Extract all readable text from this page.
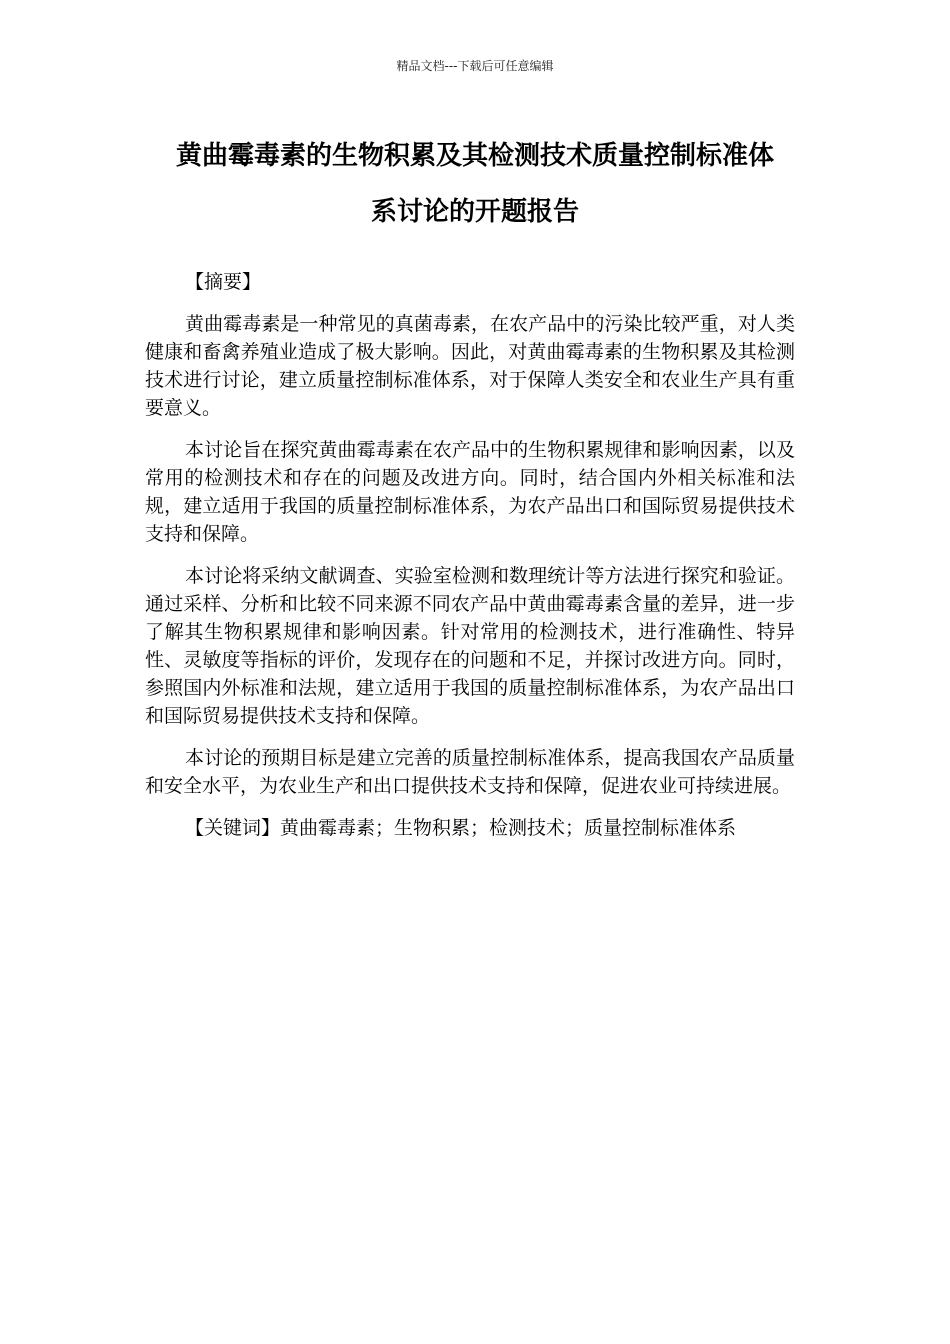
精品文档---下载后可任意编辑
黄曲霉毒素的生物积累及其检测技术质量控制标准体
系讨论的开题报告

【摘要】

黄曲霉毒素是一种常见的真菌毒素，在农产品中的污染比较严重，对人类健康和畜禽养殖业造成了极大影响。因此，对黄曲霉毒素的生物积累及其检测技术进行讨论，建立质量控制标准体系，对于保障人类安全和农业生产具有重要意义。

本讨论旨在探究黄曲霉毒素在农产品中的生物积累规律和影响因素，以及常用的检测技术和存在的问题及改进方向。同时，结合国内外相关标准和法规，建立适用于我国的质量控制标准体系，为农产品出口和国际贸易提供技术支持和保障。

本讨论将采纳文献调查、实验室检测和数理统计等方法进行探究和验证。通过采样、分析和比较不同来源不同农产品中黄曲霉毒素含量的差异，进一步了解其生物积累规律和影响因素。针对常用的检测技术，进行准确性、特异性、灵敏度等指标的评价，发现存在的问题和不足，并探讨改进方向。同时，参照国内外标准和法规，建立适用于我国的质量控制标准体系，为农产品出口和国际贸易提供技术支持和保障。

本讨论的预期目标是建立完善的质量控制标准体系，提高我国农产品质量和安全水平，为农业生产和出口提供技术支持和保障，促进农业可持续进展。

【关键词】黄曲霉毒素；生物积累；检测技术；质量控制标准体系
